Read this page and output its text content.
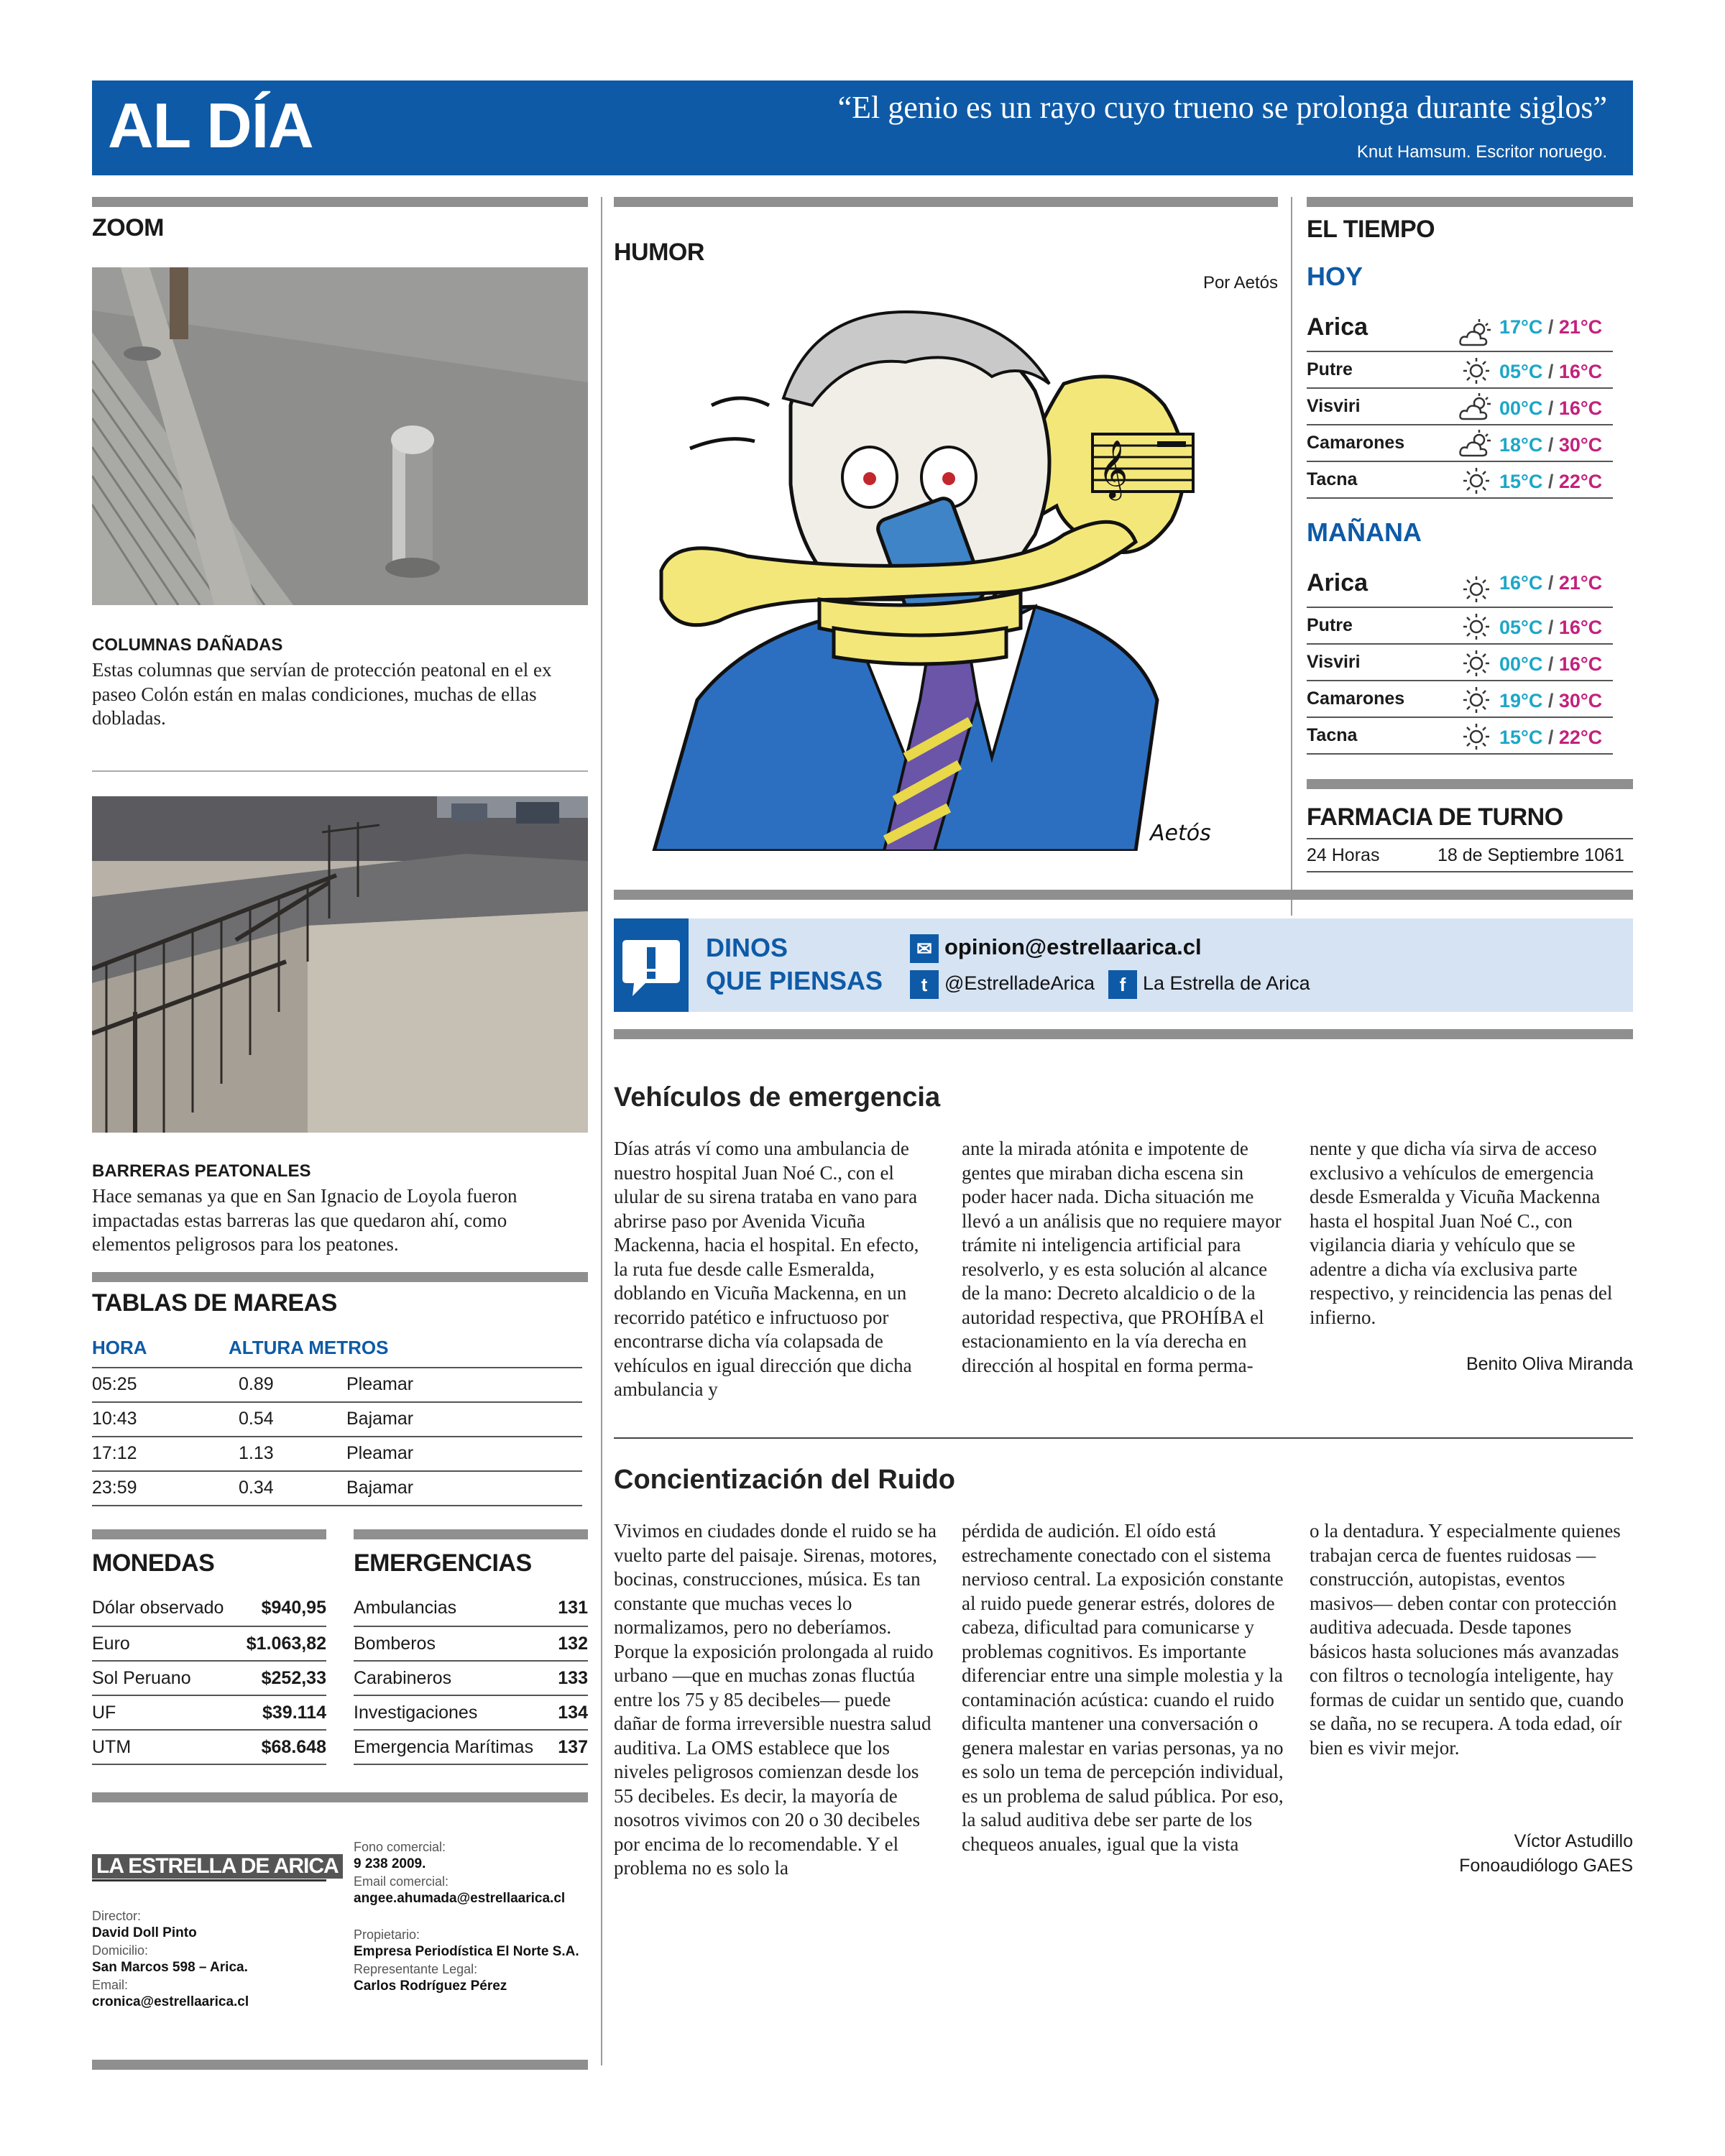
AL DÍA	“El genio es un rayo cuyo trueno se prolonga durante siglos”
Knut Hamsum. Escritor noruego.
ZOOM
COLUMNAS DAÑADAS
Estas columnas que servían de protección peatonal en el ex paseo Colón están en malas condiciones, muchas de ellas dobladas.
BARRERAS PEATONALES
Hace semanas ya que en San Ignacio de Loyola fueron impactadas estas barreras las que quedaron ahí, como elementos peligrosos para los peatones.
TABLAS DE MAREAS
HORA	ALTURA METROS
05:25	0.89	Pleamar
10:43	0.54	Bajamar
17:12	1.13	Pleamar
23:59	0.34	Bajamar
MONEDAS
Dólar observado $940,95
Euro	$1.063,82
Sol Peruano	$252,33
UF	$39.114
UTM	$68.648
EMERGENCIAS
Ambulancias	131
Bomberos	132
Carabineros	133
Investigaciones	134
Emergencia Marítimas 137
LA ESTRELLA DE ARICA
Director:
David Doll Pinto
Domicilio:
San Marcos 598 – Arica.
Email:
cronica@estrellaarica.cl
Fono comercial:
9 238 2009.
Email comercial:
angee.ahumada@estrellaarica.cl
Propietario:
Empresa Periodística El Norte S.A.
Representante Legal:
Carlos Rodríguez Pérez
HUMOR
Por Aetós
𝄞
Aetós
EL TIEMPO
HOY
Arica	17°C / 21°C
Putre	05°C / 16°C
Visviri	00°C / 16°C
Camarones	18°C / 30°C
Tacna	15°C / 22°C
MAÑANA
Arica	16°C / 21°C
Putre	05°C / 16°C
Visviri	00°C / 16°C
Camarones	19°C / 30°C
Tacna	15°C / 22°C
FARMACIA DE TURNO
24 Horas	18 de Septiembre 1061
DINOS
QUE PIENSAS
✉ opinion@estrellaarica.cl
t @EstrelladeArica	f La Estrella de Arica
Vehículos de emergencia
Días atrás ví como una ambulancia de nuestro hospital Juan Noé C., con el ulular de su sirena trataba en vano para abrirse paso por Avenida Vicuña Mackenna, hacia el hospital. En efecto, la ruta fue desde calle Esmeralda, doblando en Vicuña Mackenna, en un recorrido patético e infructuoso por encontrarse dicha vía colapsada de vehículos en igual dirección que dicha ambulancia y
ante la mirada atónita e impotente de gentes que miraban dicha escena sin poder hacer nada. Dicha situación me llevó a un análisis que no requiere mayor trámite ni inteligencia artificial para resolverlo, y es esta solución al alcance de la mano: Decreto alcaldicio o de la autoridad respectiva, que PROHÍBA el estacionamiento en la vía derecha en dirección al hospital en forma perma-
nente y que dicha vía sirva de acceso exclusivo a vehículos de emergencia desde Esmeralda y Vicuña Mackenna hasta el hospital Juan Noé C., con vigilancia diaria y vehículo que se adentre a dicha vía exclusiva parte respectivo, y reincidencia las penas del infierno.
Benito Oliva Miranda
Concientización del Ruido
Vivimos en ciudades donde el ruido se ha vuelto parte del paisaje. Sirenas, motores, bocinas, construcciones, música. Es tan constante que muchas veces lo normalizamos, pero no deberíamos. Porque la exposición prolongada al ruido urbano —que en muchas zonas fluctúa entre los 75 y 85 decibeles— puede dañar de forma irreversible nuestra salud auditiva. La OMS establece que los niveles peligrosos comienzan desde los 55 decibeles. Es decir, la mayoría de nosotros vivimos con 20 o 30 decibeles por encima de lo recomendable. Y el problema no es solo la
pérdida de audición. El oído está estrechamente conectado con el sistema nervioso central. La exposición constante al ruido puede generar estrés, dolores de cabeza, dificultad para comunicarse y problemas cognitivos. Es importante diferenciar entre una simple molestia y la contaminación acústica: cuando el ruido dificulta mantener una conversación o genera malestar en varias personas, ya no es solo un tema de percepción individual, es un problema de salud pública. Por eso, la salud auditiva debe ser parte de los chequeos anuales, igual que la vista
o la dentadura. Y especialmente quienes trabajan cerca de fuentes ruidosas —construcción, autopistas, eventos masivos— deben contar con protección auditiva adecuada. Desde tapones básicos hasta soluciones más avanzadas con filtros o tecnología inteligente, hay formas de cuidar un sentido que, cuando se daña, no se recupera. A toda edad, oír bien es vivir mejor.
Víctor Astudillo
Fonoaudiólogo GAES
